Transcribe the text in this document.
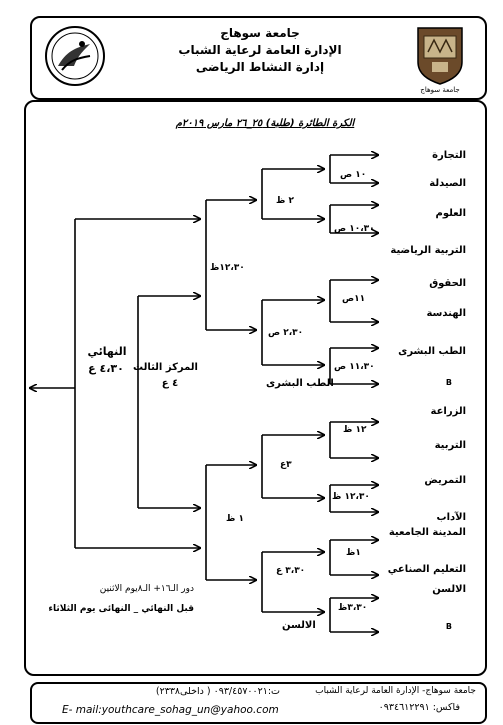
جامعة سوهاج
جامعة سوهاج
الإدارة العامة لرعاية الشباب
إدارة النشاط الرياضى
الكرة الطائرة (طلبة) ٢٥_٢٦ مارس ٢٠١٩م
التجارة
الصيدلة
العلوم
التربية الرياضية
الحقوق
الهندسة
الطب البشرى
B
الزراعة
التربية
التمريض
الآداب
المدينة الجامعية
التعليم الصناعي
الالسن
B
١٠ ص
١٠،٣٠ ص
١١ص
١١،٣٠ ص
١٢ ظ
١٢،٣٠ ظ
١ظ
٣،٣٠ظ
٢ ظ
٢،٣٠ ص
٣ع
٣،٣٠ ع
الطب البشرى
الالسن
١٢،٣٠ظ
١ ظ
المركز الثالث
٤ ع
النهائي
٤،٣٠ ع
دور الـ١٦+ الـ٨يوم الاثنين
قبل النهائي _ النهائى يوم الثلاثاء
جامعة سوهاج- الإدارة العامة لرعاية الشباب
ت:٠٩٣/٤٥٧٠٠٢١ ( داخلى٢٣٣٨)
فاكس: ٠٩٣٤٦١٢٢٩١
E- mail:youthcare_sohag_un@yahoo.com
